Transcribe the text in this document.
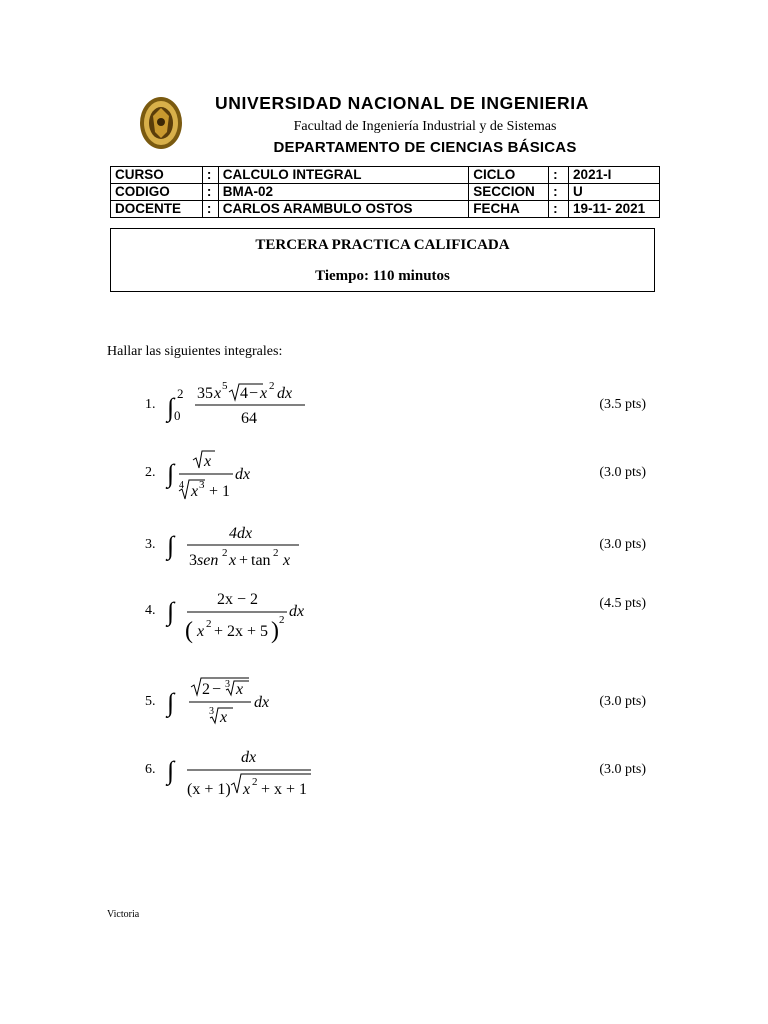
UNIVERSIDAD NACIONAL DE INGENIERIA
Facultad de Ingeniería Industrial y de Sistemas
DEPARTAMENTO DE CIENCIAS BÁSICAS
CURSO	:	CALCULO INTEGRAL	CICLO	:	2021-I
CODIGO	:	BMA-02	SECCION	:	U
DOCENTE	:	CARLOS ARAMBULO OSTOS	FECHA	:	19-11- 2021
TERCERA PRACTICA CALIFICADA
Tiempo: 110 minutos
Hallar las siguientes integrales:
1. ∫ 2
0
35 x 5 4 − x 2 dx
64
(3.5 pts)
2. ∫ x
4 x 3 + 1
dx	(3.0 pts)
3. ∫	4dx
3 sen 2 x + tan 2 x
(3.0 pts)
4. ∫	2x − 2
dx
( x 2 + 2x + 5 ) 2
(4.5 pts)
5. ∫ 2 − 3 x
3 x
dx	(3.0 pts)
6. ∫	dx
(x + 1) x 2 + x + 1
(3.0 pts)
Victoria
